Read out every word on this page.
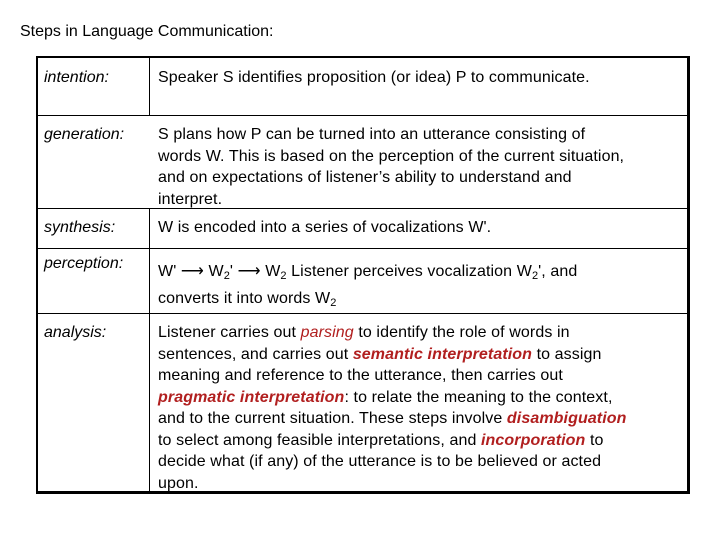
Steps in Language Communication:
intention:	Speaker S identifies proposition (or idea) P to communicate.
generation: S plans how P can be turned into an utterance consisting of
words W. This is based on the perception of the current situation,
and on expectations of listener’s ability to understand and
interpret.
synthesis:	W is encoded into a series of vocalizations W'.
perception: W' ⟶ $W_2'$ ⟶ $W_2$ Listener perceives vocalization $W_2'$, and
converts it into words $W_2$
analysis:	Listener carries out parsing to identify the role of words in
sentences, and carries out semantic interpretation to assign
meaning and reference to the utterance, then carries out
pragmatic interpretation: to relate the meaning to the context,
and to the current situation. These steps involve disambiguation
to select among feasible interpretations, and incorporation to
decide what (if any) of the utterance is to be believed or acted
upon.
